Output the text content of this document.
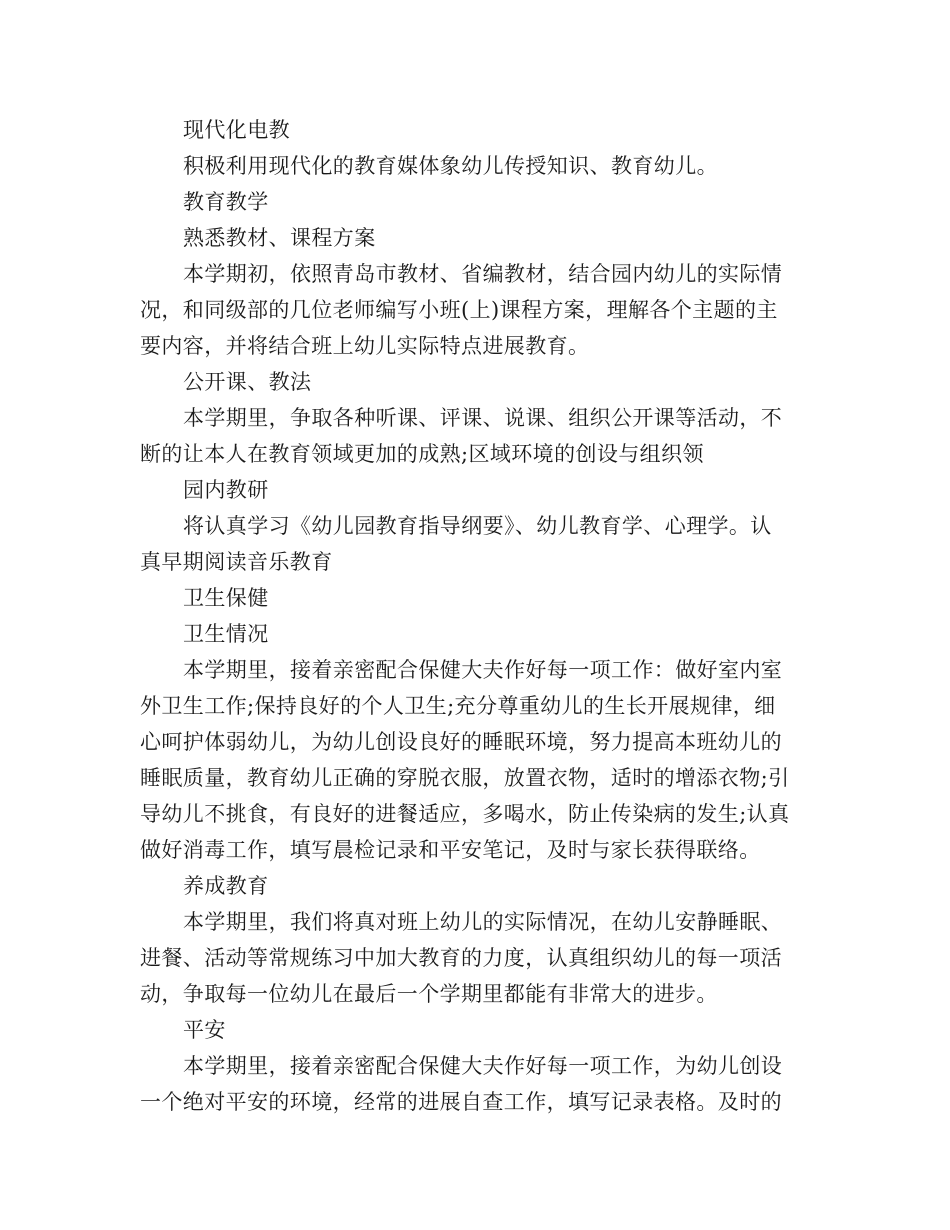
现代化电教
积极利用现代化的教育媒体象幼儿传授知识、教育幼儿。
教育教学
熟悉教材、课程方案
本学期初，依照青岛市教材、省编教材，结合园内幼儿的实际情
况，和同级部的几位老师编写小班(上)课程方案，理解各个主题的主
要内容，并将结合班上幼儿实际特点进展教育。
公开课、教法
本学期里，争取各种听课、评课、说课、组织公开课等活动，不
断的让本人在教育领域更加的成熟;区域环境的创设与组织领
园内教研
将认真学习《幼儿园教育指导纲要》、幼儿教育学、心理学。认
真早期阅读音乐教育
卫生保健
卫生情况
本学期里，接着亲密配合保健大夫作好每一项工作：做好室内室
外卫生工作;保持良好的个人卫生;充分尊重幼儿的生长开展规律，细
心呵护体弱幼儿，为幼儿创设良好的睡眠环境，努力提高本班幼儿的
睡眠质量，教育幼儿正确的穿脱衣服，放置衣物，适时的增添衣物;引
导幼儿不挑食，有良好的进餐适应，多喝水，防止传染病的发生;认真
做好消毒工作，填写晨检记录和平安笔记，及时与家长获得联络。
养成教育
本学期里，我们将真对班上幼儿的实际情况，在幼儿安静睡眠、
进餐、活动等常规练习中加大教育的力度，认真组织幼儿的每一项活
动，争取每一位幼儿在最后一个学期里都能有非常大的进步。
平安
本学期里，接着亲密配合保健大夫作好每一项工作，为幼儿创设
一个绝对平安的环境，经常的进展自查工作，填写记录表格。及时的
